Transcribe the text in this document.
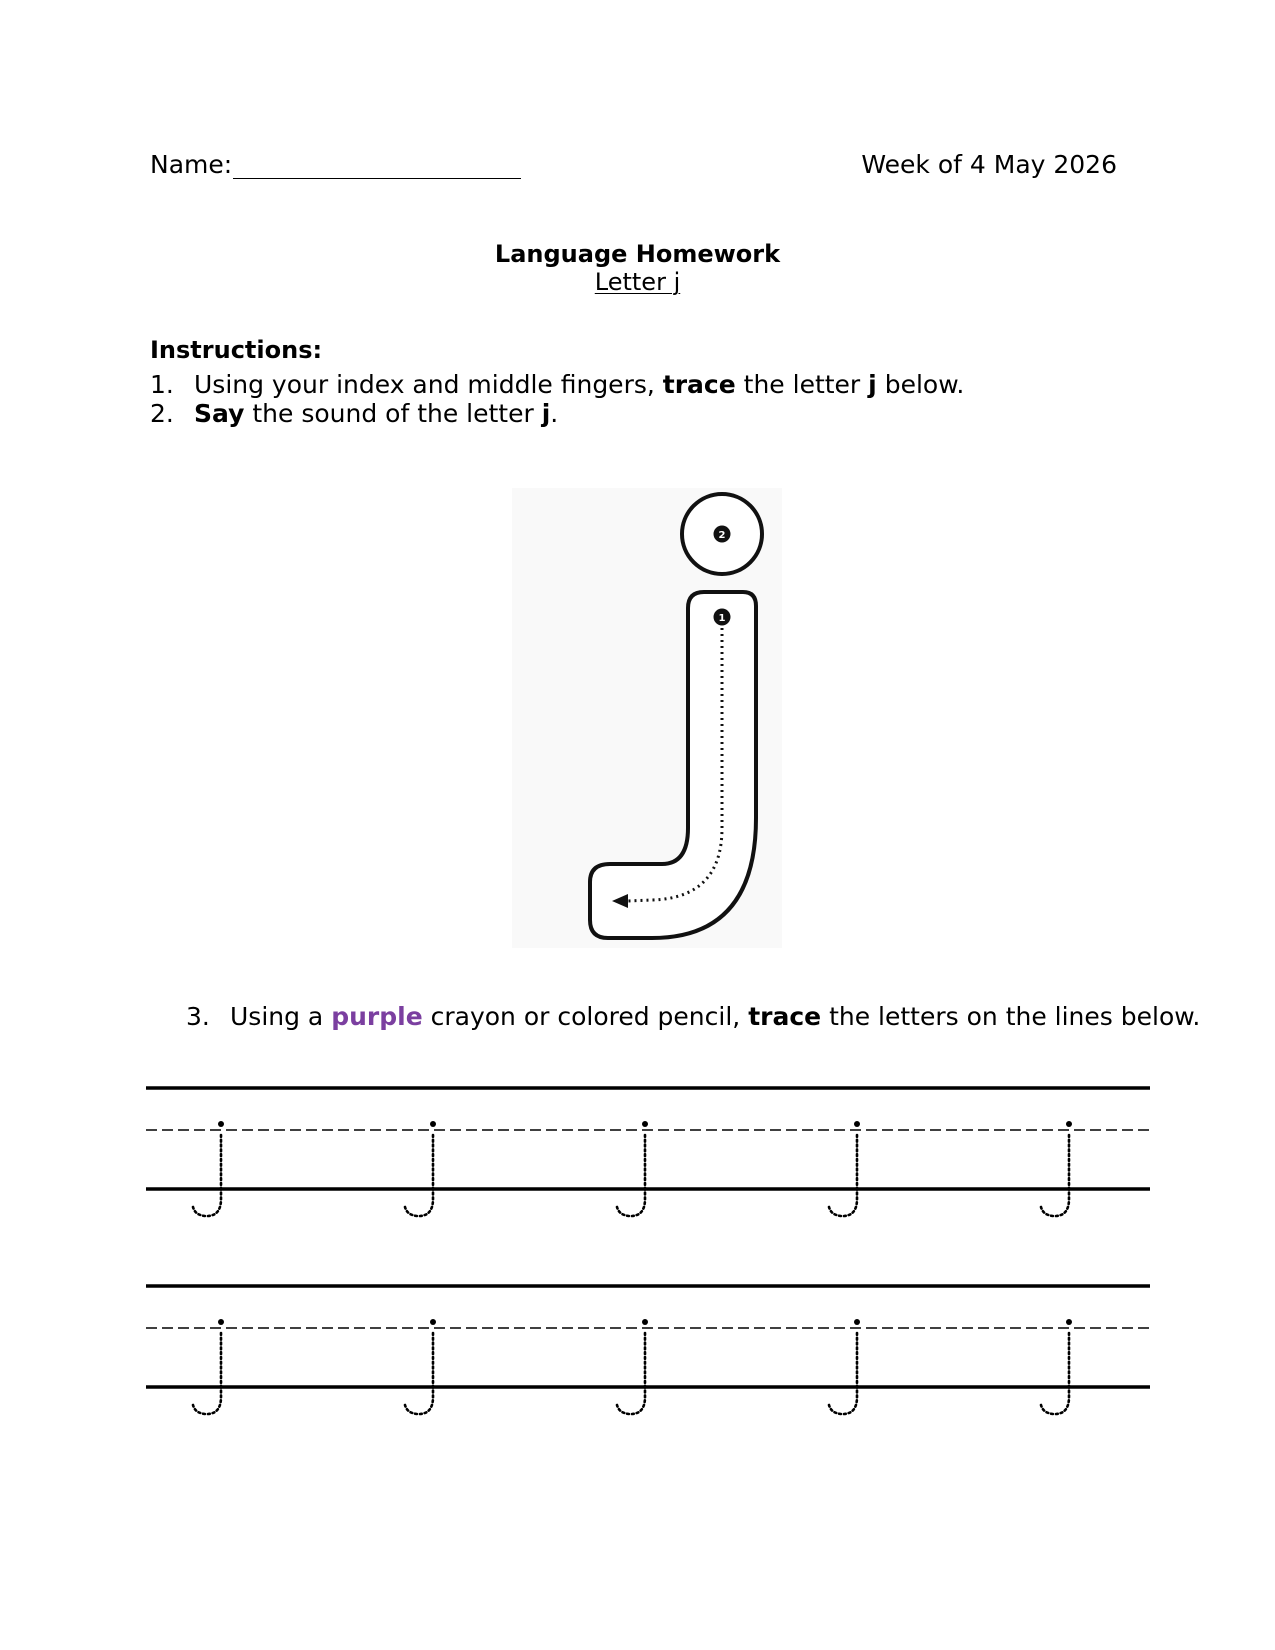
Name:	Week of 4 May 2026
Language Homework
Letter j
Instructions:
1. Using your index and middle fingers, trace the letter j below.
2. Say the sound of the letter j.
2
1
3. Using a purple crayon or colored pencil, trace the letters on the lines below.
